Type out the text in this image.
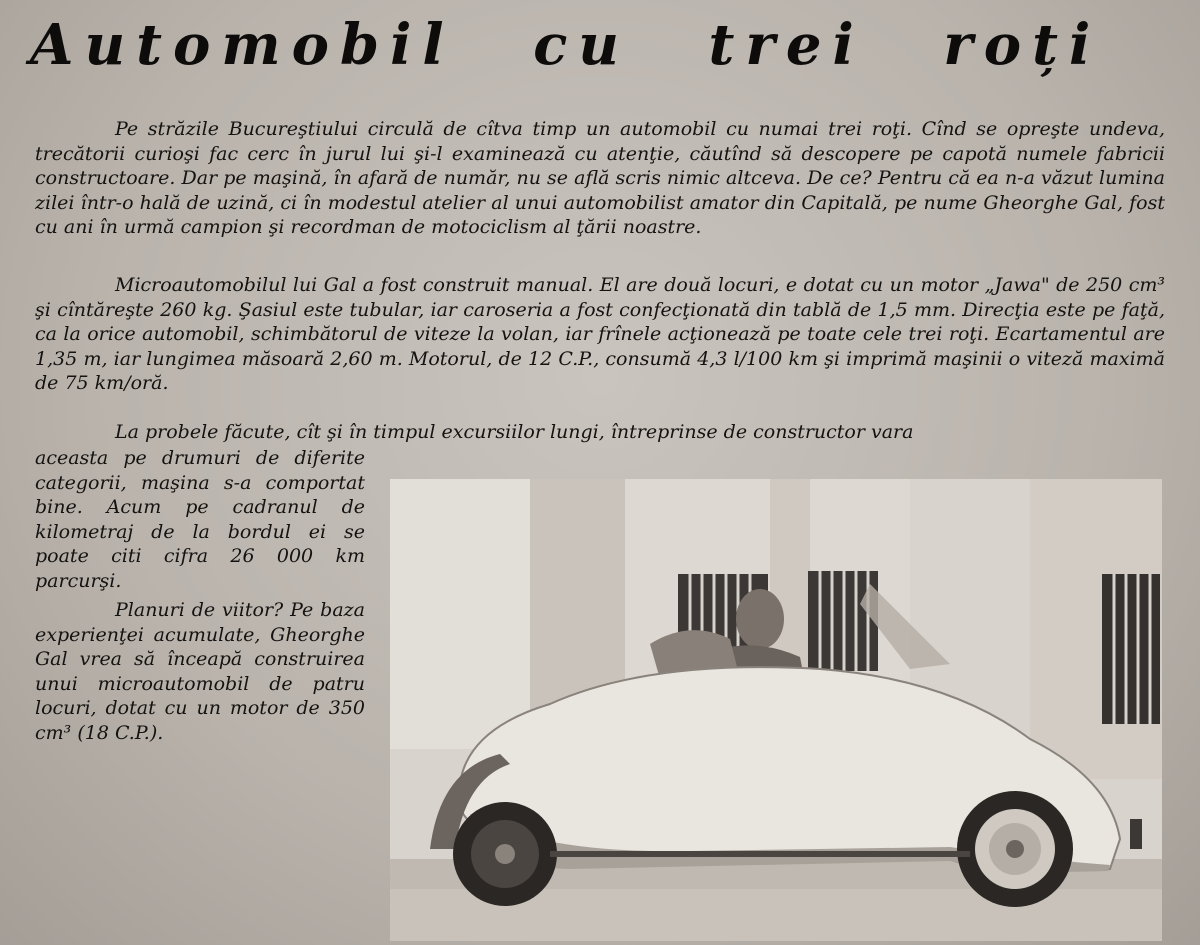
Automobil cu trei roți

Pe străzile Bucureştiului circulă de cîtva timp un automobil cu numai trei roţi. Cînd se opreşte undeva, trecătorii curioşi fac cerc în jurul lui şi-l examinează cu atenţie, căutînd să descopere pe capotă numele fabricii constructoare. Dar pe maşină, în afară de număr, nu se află scris nimic altceva. De ce? Pentru că ea n-a văzut lumina zilei într-o hală de uzină, ci în modestul atelier al unui automobilist amator din Capitală, pe nume Gheorghe Gal, fost cu ani în urmă campion şi recordman de motociclism al ţării noastre.

Microautomobilul lui Gal a fost construit manual. El are două locuri, e dotat cu un motor „Jawa" de 250 cm³ şi cîntăreşte 260 kg. Şasiul este tubular, iar caroseria a fost confecţionată din tablă de 1,5 mm. Direcţia este pe faţă, ca la orice automobil, schimbătorul de viteze la volan, iar frînele acţionează pe toate cele trei roţi. Ecartamentul are 1,35 m, iar lungimea măsoară 2,60 m. Motorul, de 12 C.P., consumă 4,3 l/100 km şi imprimă maşinii o viteză maximă de 75 km/oră.

La probele făcute, cît şi în timpul excursiilor lungi, întreprinse de constructor vara

aceasta pe drumuri de diferite categorii, maşina s-a comportat bine. Acum pe cadranul de kilometraj de la bordul ei se poate citi cifra 26 000 km parcurşi.

Planuri de viitor? Pe baza experienţei acumulate, Gheorghe Gal vrea să înceapă construirea unui microautomobil de patru locuri, dotat cu un motor de 350 cm³ (18 C.P.).
